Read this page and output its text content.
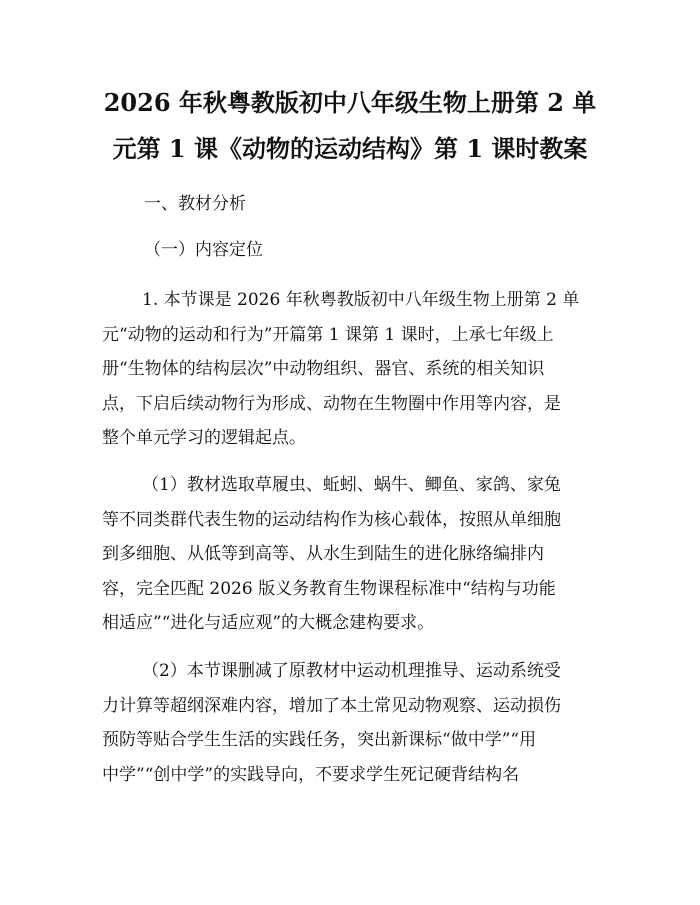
2026 年秋粤教版初中八年级生物上册第 2 单
元第 1 课《动物的运动结构》第 1 课时教案
一、教材分析
（一）内容定位
1. 本节课是 2026 年秋粤教版初中八年级生物上册第 2 单
元“动物的运动和行为”开篇第 1 课第 1 课时，上承七年级上
册“生物体的结构层次”中动物组织、器官、系统的相关知识
点，下启后续动物行为形成、动物在生物圈中作用等内容，是
整个单元学习的逻辑起点。
（1）教材选取草履虫、蚯蚓、蜗牛、鲫鱼、家鸽、家兔
等不同类群代表生物的运动结构作为核心载体，按照从单细胞
到多细胞、从低等到高等、从水生到陆生的进化脉络编排内
容，完全匹配 2026 版义务教育生物课程标准中“结构与功能
相适应”“进化与适应观”的大概念建构要求。
（2）本节课删减了原教材中运动机理推导、运动系统受
力计算等超纲深难内容，增加了本土常见动物观察、运动损伤
预防等贴合学生生活的实践任务，突出新课标“做中学”“用
中学”“创中学”的实践导向，不要求学生死记硬背结构名
